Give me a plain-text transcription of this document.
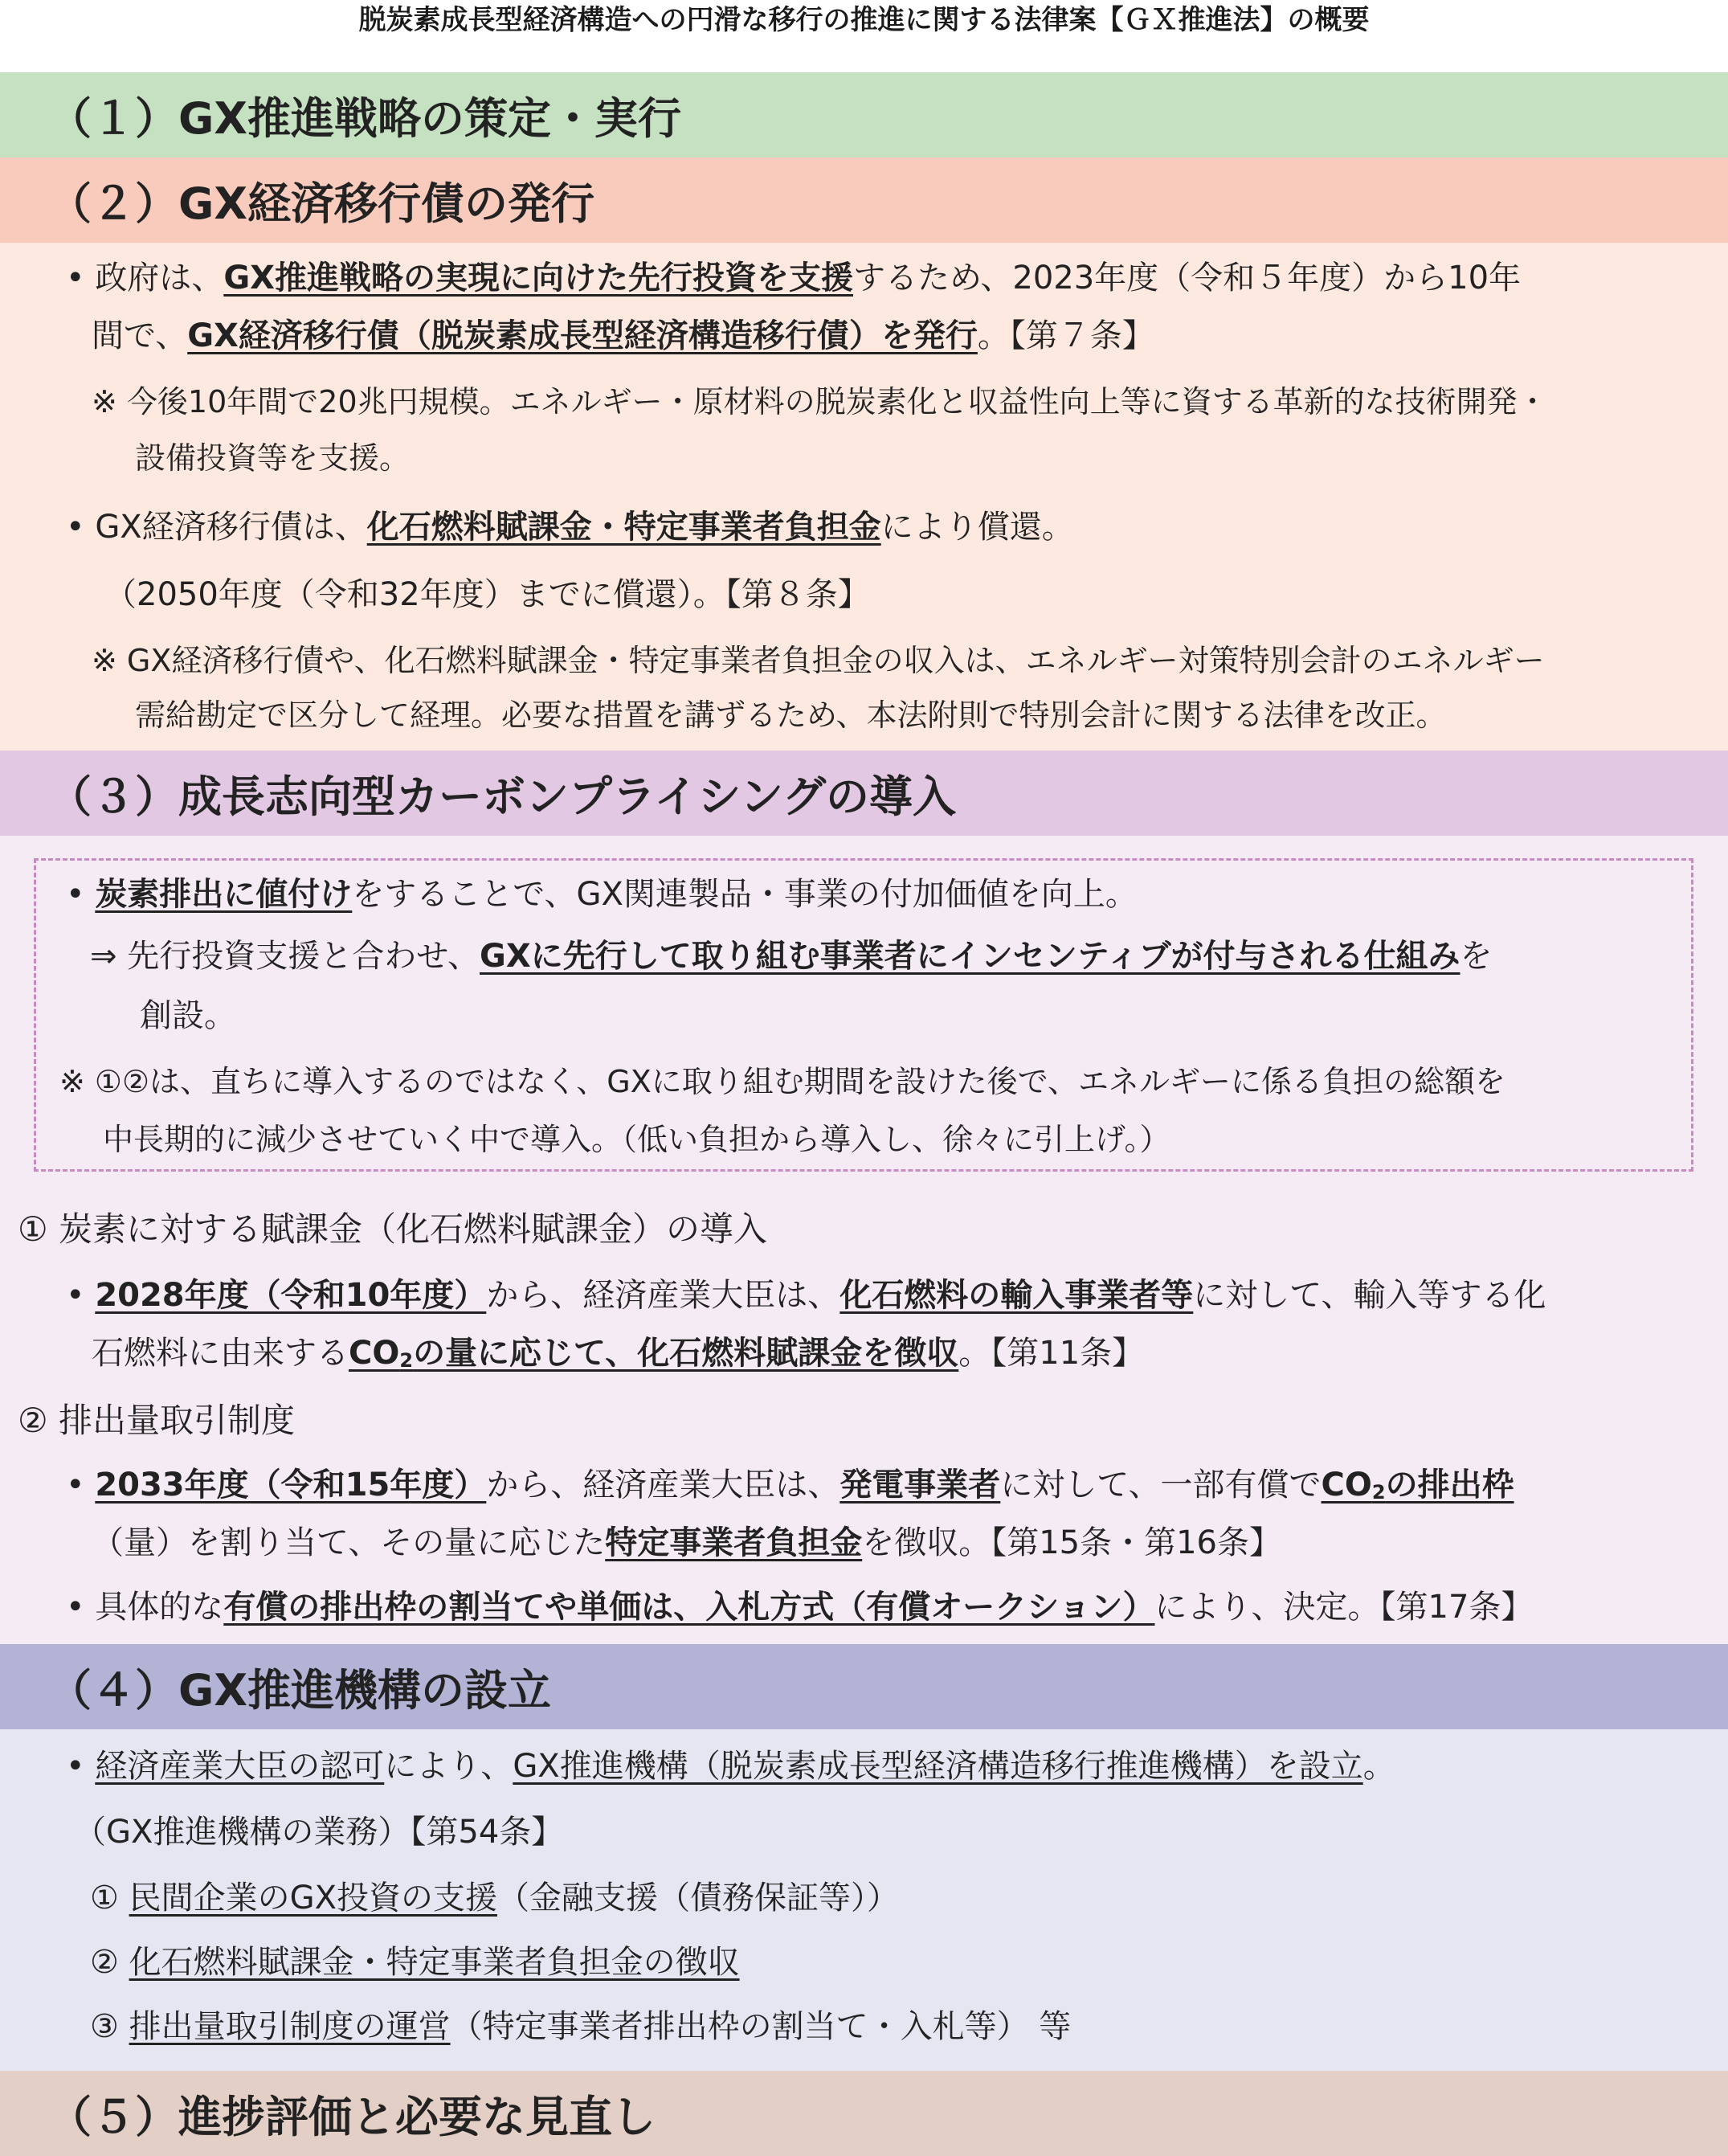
脱炭素成長型経済構造への円滑な移行の推進に関する法律案【ＧＸ推進法】の概要
（１）GX推進戦略の策定・実行
（２）GX経済移行債の発行
• 政府は、GX推進戦略の実現に向けた先行投資を支援するため、2023年度（令和５年度）から10年
間で、GX経済移行債（脱炭素成長型経済構造移行債）を発行。【第７条】
※ 今後10年間で20兆円規模。エネルギー・原材料の脱炭素化と収益性向上等に資する革新的な技術開発・
設備投資等を支援。
• GX経済移行債は、化石燃料賦課金・特定事業者負担金により償還。
（2050年度（令和32年度）までに償還）。【第８条】
※ GX経済移行債や、化石燃料賦課金・特定事業者負担金の収入は、エネルギー対策特別会計のエネルギー
需給勘定で区分して経理。必要な措置を講ずるため、本法附則で特別会計に関する法律を改正。
（３）成長志向型カーボンプライシングの導入
• 炭素排出に値付けをすることで、GX関連製品・事業の付加価値を向上。
⇒ 先行投資支援と合わせ、GXに先行して取り組む事業者にインセンティブが付与される仕組みを
創設。
※ ①②は、直ちに導入するのではなく、GXに取り組む期間を設けた後で、エネルギーに係る負担の総額を
中長期的に減少させていく中で導入。（低い負担から導入し、徐々に引上げ。）
① 炭素に対する賦課金（化石燃料賦課金）の導入
• 2028年度（令和10年度）から、経済産業大臣は、化石燃料の輸入事業者等に対して、輸入等する化
石燃料に由来する$CO_2$の量に応じて、化石燃料賦課金を徴収。【第11条】
② 排出量取引制度
• 2033年度（令和15年度）から、経済産業大臣は、発電事業者に対して、一部有償で$CO_2$の排出枠
（量）を割り当て、その量に応じた特定事業者負担金を徴収。【第15条・第16条】
• 具体的な有償の排出枠の割当てや単価は、入札方式（有償オークション）により、決定。【第17条】
（４）GX推進機構の設立
• 経済産業大臣の認可により、GX推進機構（脱炭素成長型経済構造移行推進機構）を設立。
（GX推進機構の業務）【第54条】
① 民間企業のGX投資の支援（金融支援（債務保証等））
② 化石燃料賦課金・特定事業者負担金の徴収
③ 排出量取引制度の運営（特定事業者排出枠の割当て・入札等） 等
（５）進捗評価と必要な見直し
